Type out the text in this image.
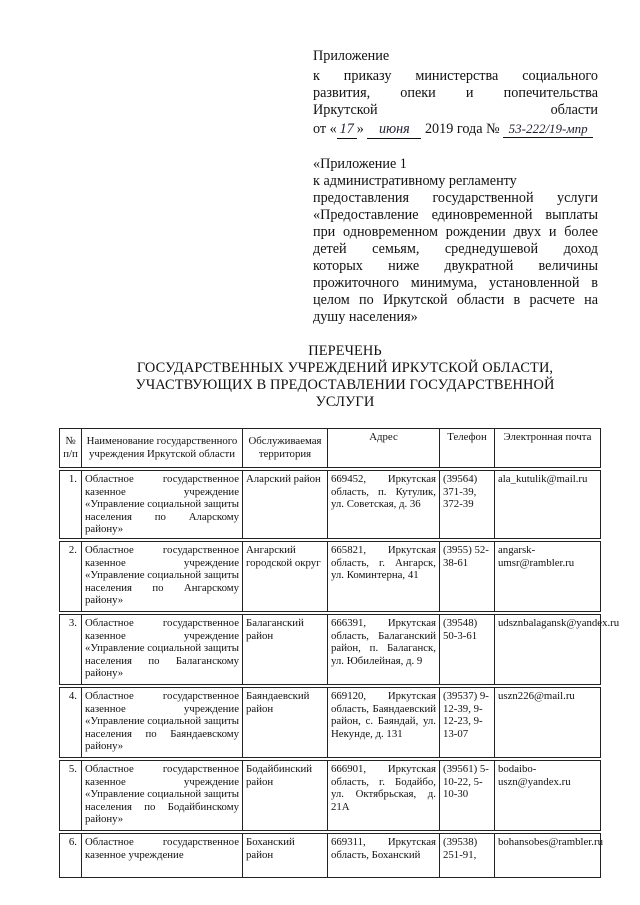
Приложение
к приказу министерства социального
развития, опеки и попечительства
Иркутской	области
от « 17 » июня 2019 года № 53-222/19-мпр
«Приложение 1
к административному регламенту
предоставления государственной услуги
«Предоставление единовременной выплаты
при одновременном рождении двух и более
детей семьям, среднедушевой доход
которых ниже двукратной величины
прожиточного минимума, установленной в
целом по Иркутской области в расчете на
душу населения»
ПЕРЕЧЕНЬ
ГОСУДАРСТВЕННЫХ УЧРЕЖДЕНИЙ ИРКУТСКОЙ ОБЛАСТИ,
УЧАСТВУЮЩИХ В ПРЕДОСТАВЛЕНИИ ГОСУДАРСТВЕННОЙ
УСЛУГИ
№ п/п	Наименование государственного учреждения Иркутской области	Обслуживаемая территория	Адрес	Телефон	Электронная почта

1.	Областное государственное казенное учреждение «Управление социальной защиты населения по Аларскому району»	Аларский район	669452, Иркутская область, п. Кутулик, ул. Советская, д. 36	(39564) 371-39, 372-39	ala_kutulik@mail.ru

2.	Областное государственное казенное учреждение «Управление социальной защиты населения по Ангарскому району»	Ангарский городской округ	665821, Иркутская область, г. Ангарск, ул. Коминтерна, 41	(3955) 52-38-61	angarsk-umsr@rambler.ru

3.	Областное государственное казенное учреждение «Управление социальной защиты населения по Балаганскому району»	Балаганский район	666391, Иркутская область, Балаганский район, п. Балаганск, ул. Юбилейная, д. 9	(39548) 50-3-61	udsznbalagansk@yandex.ru

4.	Областное государственное казенное учреждение «Управление социальной защиты населения по Баяндаевскому району»	Баяндаевский район	669120, Иркутская область, Баяндаевский район, с. Баяндай, ул. Некунде, д. 131	(39537) 9-12-39, 9-12-23, 9-13-07	uszn226@mail.ru

5.	Областное государственное казенное учреждение «Управление социальной защиты населения по Бодайбинскому району»	Бодайбинский район	666901, Иркутская область, г. Бодайбо, ул. Октябрьская, д. 21А	(39561) 5-10-22, 5-10-30	bodaibo-uszn@yandex.ru

6.	Областное государственное казенное учреждение	Боханский район	669311, Иркутская область, Боханский	(39538) 251-91,	bohansobes@rambler.ru
